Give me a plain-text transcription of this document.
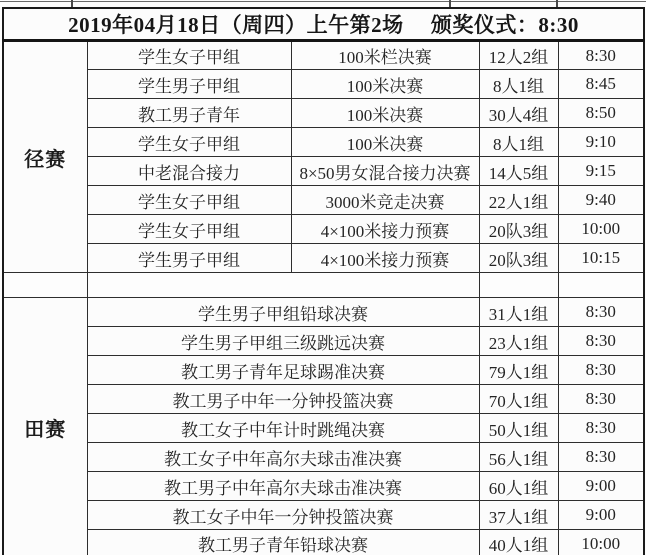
2019年04月18日（周四）上午第2场　 颁奖仪式：8:30				
径赛	学生女子甲组	100米栏决赛	12人2组	8:30
	学生男子甲组	100米决赛	8人1组	8:45
	教工男子青年	100米决赛	30人4组	8:50
	学生女子甲组	100米决赛	8人1组	9:10
	中老混合接力	8×50男女混合接力决赛	14人5组	9:15
	学生女子甲组	3000米竞走决赛	22人1组	9:40
	学生女子甲组	4×100米接力预赛	20队3组	10:00
	学生男子甲组	4×100米接力预赛	20队3组	10:15

田赛	学生男子甲组铅球决赛		31人1组	8:30
	学生男子甲组三级跳远决赛		23人1组	8:30
	教工男子青年足球踢准决赛		79人1组	8:30
	教工男子中年一分钟投篮决赛		70人1组	8:30
	教工女子中年计时跳绳决赛		50人1组	8:30
	教工女子中年高尔夫球击准决赛		56人1组	8:30
	教工男子中年高尔夫球击准决赛		60人1组	9:00
	教工女子中年一分钟投篮决赛		37人1组	9:00
	教工男子青年铅球决赛		40人1组	10:00
